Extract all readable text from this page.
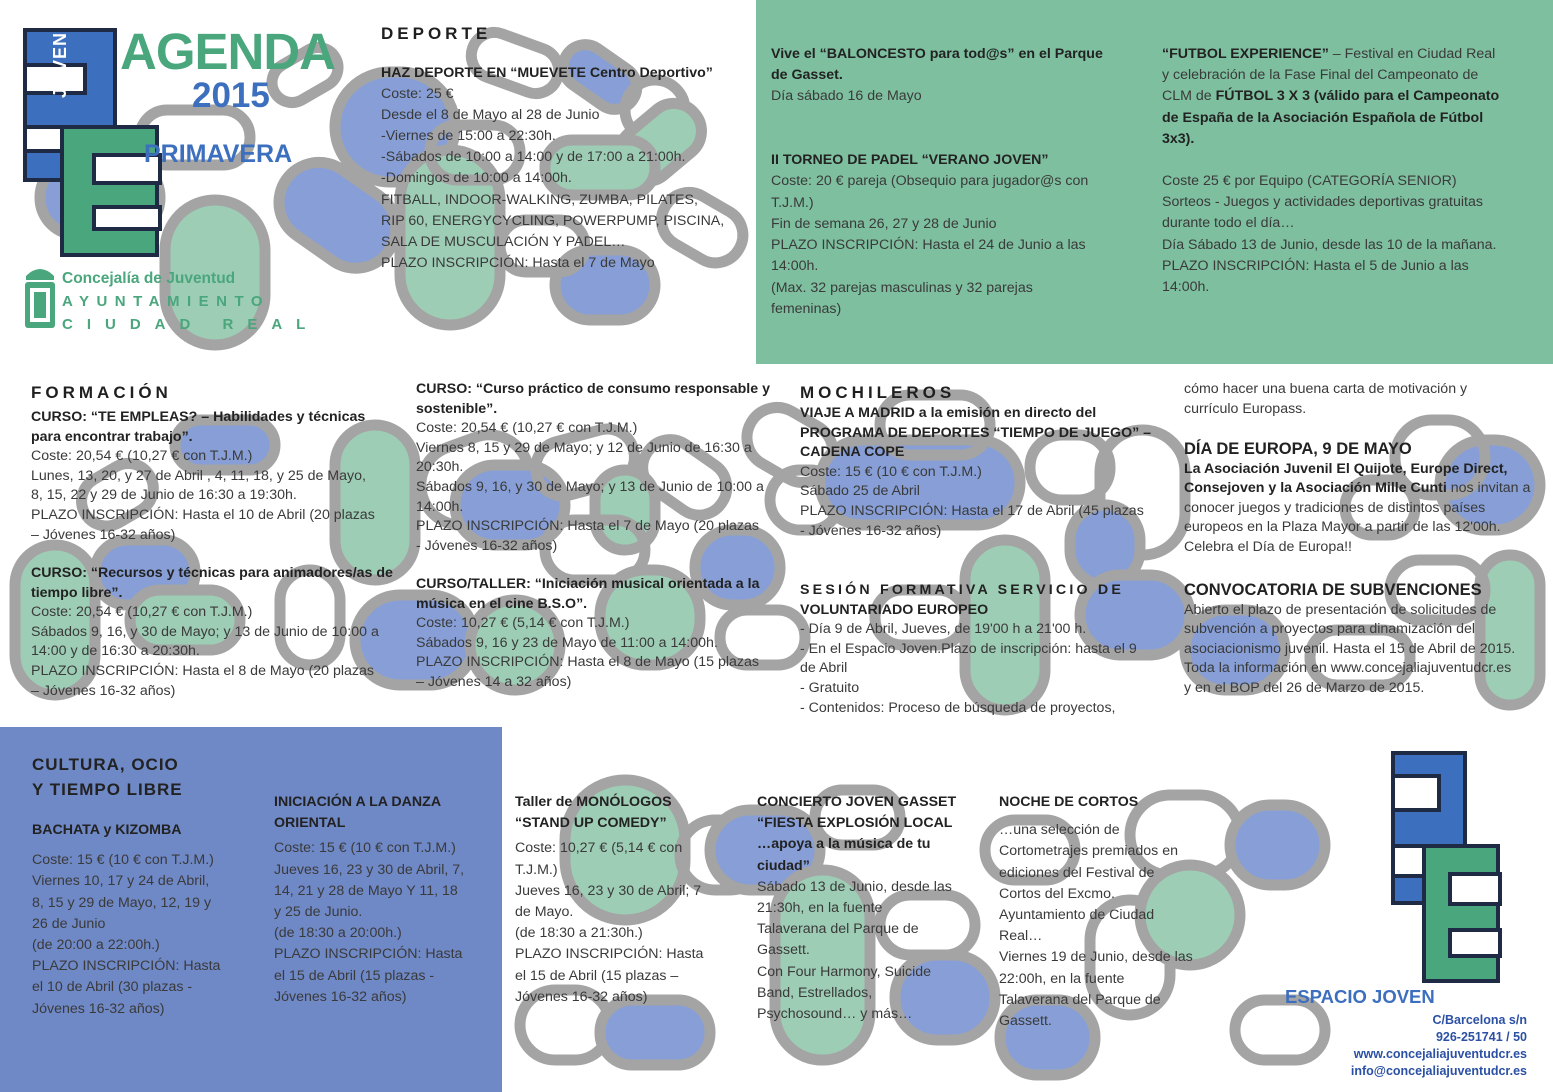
JOVEN AGENDA
2015
PRIMAVERA
Concejalía de Juventud
AYUNTAMIENTO
CIUDAD REAL

DEPORTE

HAZ DEPORTE EN “MUEVETE Centro Deportivo”

Coste: 25 €
Desde el 8 de Mayo al 28 de Junio
-Viernes de 15:00 a 22:30h.
-Sábados de 10:00 a 14:00 y de 17:00 a 21:00h.
-Domingos de 10:00 a 14:00h.
FITBALL, INDOOR-WALKING, ZUMBA, PILATES,
RIP 60, ENERGYCYCLING, POWERPUMP, PISCINA,
SALA DE MUSCULACIÓN Y PADEL…
PLAZO INSCRIPCIÓN: Hasta el 7 de Mayo

Vive el “BALONCESTO para tod@s” en el Parque
de Gasset.

Día sábado 16 de Mayo

II TORNEO DE PADEL “VERANO JOVEN”

Coste: 20 € pareja (Obsequio para jugador@s con
T.J.M.)
Fin de semana 26, 27 y 28 de Junio
PLAZO INSCRIPCIÓN: Hasta el 24 de Junio a las
14:00h.
(Max. 32 parejas masculinas y 32 parejas
femeninas)

“FUTBOL EXPERIENCE” – Festival en Ciudad Real
y celebración de la Fase Final del Campeonato de
CLM de FÚTBOL 3 X 3 (válido para el Campeonato
de España de la Asociación Española de Fútbol
3x3).

Coste 25 € por Equipo (CATEGORÍA SENIOR)
Sorteos - Juegos y actividades deportivas gratuitas
durante todo el día…
Día Sábado 13 de Junio, desde las 10 de la mañana.
PLAZO INSCRIPCIÓN: Hasta el 5 de Junio a las
14:00h.

FORMACIÓN

CURSO: “TE EMPLEAS? – Habilidades y técnicas
para encontrar trabajo”.

Coste: 20,54 € (10,27 € con T.J.M.)
Lunes, 13, 20, y 27 de Abril , 4, 11, 18, y 25 de Mayo,
8, 15, 22 y 29 de Junio de 16:30 a 19:30h.
PLAZO INSCRIPCIÓN: Hasta el 10 de Abril (20 plazas
– Jóvenes 16-32 años)

CURSO: “Recursos y técnicas para animadores/as de
tiempo libre”.

Coste: 20,54 € (10,27 € con T.J.M.)
Sábados 9, 16, y 30 de Mayo; y 13 de Junio de 10:00 a
14:00 y de 16:30 a 20:30h.
PLAZO INSCRIPCIÓN: Hasta el 8 de Mayo (20 plazas
– Jóvenes 16-32 años)

CURSO: “Curso práctico de consumo responsable y
sostenible”.

Coste: 20,54 € (10,27 € con T.J.M.)
Viernes 8, 15 y 29 de Mayo; y 12 de Junio de 16:30 a
20:30h.
Sábados 9, 16, y 30 de Mayo; y 13 de Junio de 10:00 a
14:00h.
PLAZO INSCRIPCIÓN: Hasta el 7 de Mayo (20 plazas
- Jóvenes 16-32 años)

CURSO/TALLER: “Iniciación musical orientada a la
música en el cine B.S.O”.

Coste: 10,27 € (5,14 € con T.J.M.)
Sábados 9, 16 y 23 de Mayo de 11:00 a 14:00h.
PLAZO INSCRIPCIÓN: Hasta el 8 de Mayo (15 plazas
– Jóvenes 14 a 32 años)

MOCHILEROS

VIAJE A MADRID a la emisión en directo del
PROGRAMA DE DEPORTES “TIEMPO DE JUEGO” –
CADENA COPE

Coste: 15 € (10 € con T.J.M.)
Sábado 25 de Abril
PLAZO INSCRIPCIÓN: Hasta el 17 de Abril (45 plazas
- Jóvenes 16-32 años)

SESIÓN FORMATIVA SERVICIO DE

VOLUNTARIADO EUROPEO

- Día 9 de Abril, Jueves, de 19'00 h a 21'00 h.
- En el Espacio Joven.Plazo de inscripción: hasta el 9
de Abril
- Gratuito
- Contenidos: Proceso de búsqueda de proyectos,

cómo hacer una buena carta de motivación y
currículo Europass.

DÍA DE EUROPA, 9 DE MAYO

La Asociación Juvenil El Quijote, Europe Direct,
Consejoven y la Asociación Mille Cunti nos invitan a
conocer juegos y tradiciones de distintos países
europeos en la Plaza Mayor a partir de las 12'00h.
Celebra el Día de Europa!!

CONVOCATORIA DE SUBVENCIONES

Abierto el plazo de presentación de solicitudes de
subvención a proyectos para dinamización del
asociacionismo juvenil. Hasta el 15 de Abril de 2015.
Toda la información en www.concejaliajuventudcr.es
y en el BOP del 26 de Marzo de 2015.

CULTURA, OCIO
Y TIEMPO LIBRE

BACHATA y KIZOMBA

Coste: 15 € (10 € con T.J.M.)
Viernes 10, 17 y 24 de Abril,
8, 15 y 29 de Mayo, 12, 19 y
26 de Junio
(de 20:00 a 22:00h.)
PLAZO INSCRIPCIÓN: Hasta
el 10 de Abril (30 plazas -
Jóvenes 16-32 años)

INICIACIÓN A LA DANZA
ORIENTAL

Coste: 15 € (10 € con T.J.M.)
Jueves 16, 23 y 30 de Abril, 7,
14, 21 y 28 de Mayo Y 11, 18
y 25 de Junio.
(de 18:30 a 20:00h.)
PLAZO INSCRIPCIÓN: Hasta
el 15 de Abril (15 plazas -
Jóvenes 16-32 años)

Taller de MONÓLOGOS
“STAND UP COMEDY”

Coste: 10,27 € (5,14 € con
T.J.M.)
Jueves 16, 23 y 30 de Abril; 7
de Mayo.
(de 18:30 a 21:30h.)
PLAZO INSCRIPCIÓN: Hasta
el 15 de Abril (15 plazas –
Jóvenes 16-32 años)

CONCIERTO JOVEN GASSET
“FIESTA EXPLOSIÓN LOCAL
…apoya a la música de tu
ciudad”

Sábado 13 de Junio, desde las
21:30h, en la fuente
Talaverana del Parque de
Gassett.
Con Four Harmony, Suicide
Band, Estrellados,
Psychosound… y más…

NOCHE DE CORTOS

…una selección de
Cortometrajes premiados en
ediciones del Festival de
Cortos del Excmo.
Ayuntamiento de Ciudad
Real…
Viernes 19 de Junio, desde las
22:00h, en la fuente
Talaverana del Parque de
Gassett.

ESPACIO JOVEN
C/Barcelona s/n
926-251741 / 50
www.concejaliajuventudcr.es
info@concejaliajuventudcr.es
